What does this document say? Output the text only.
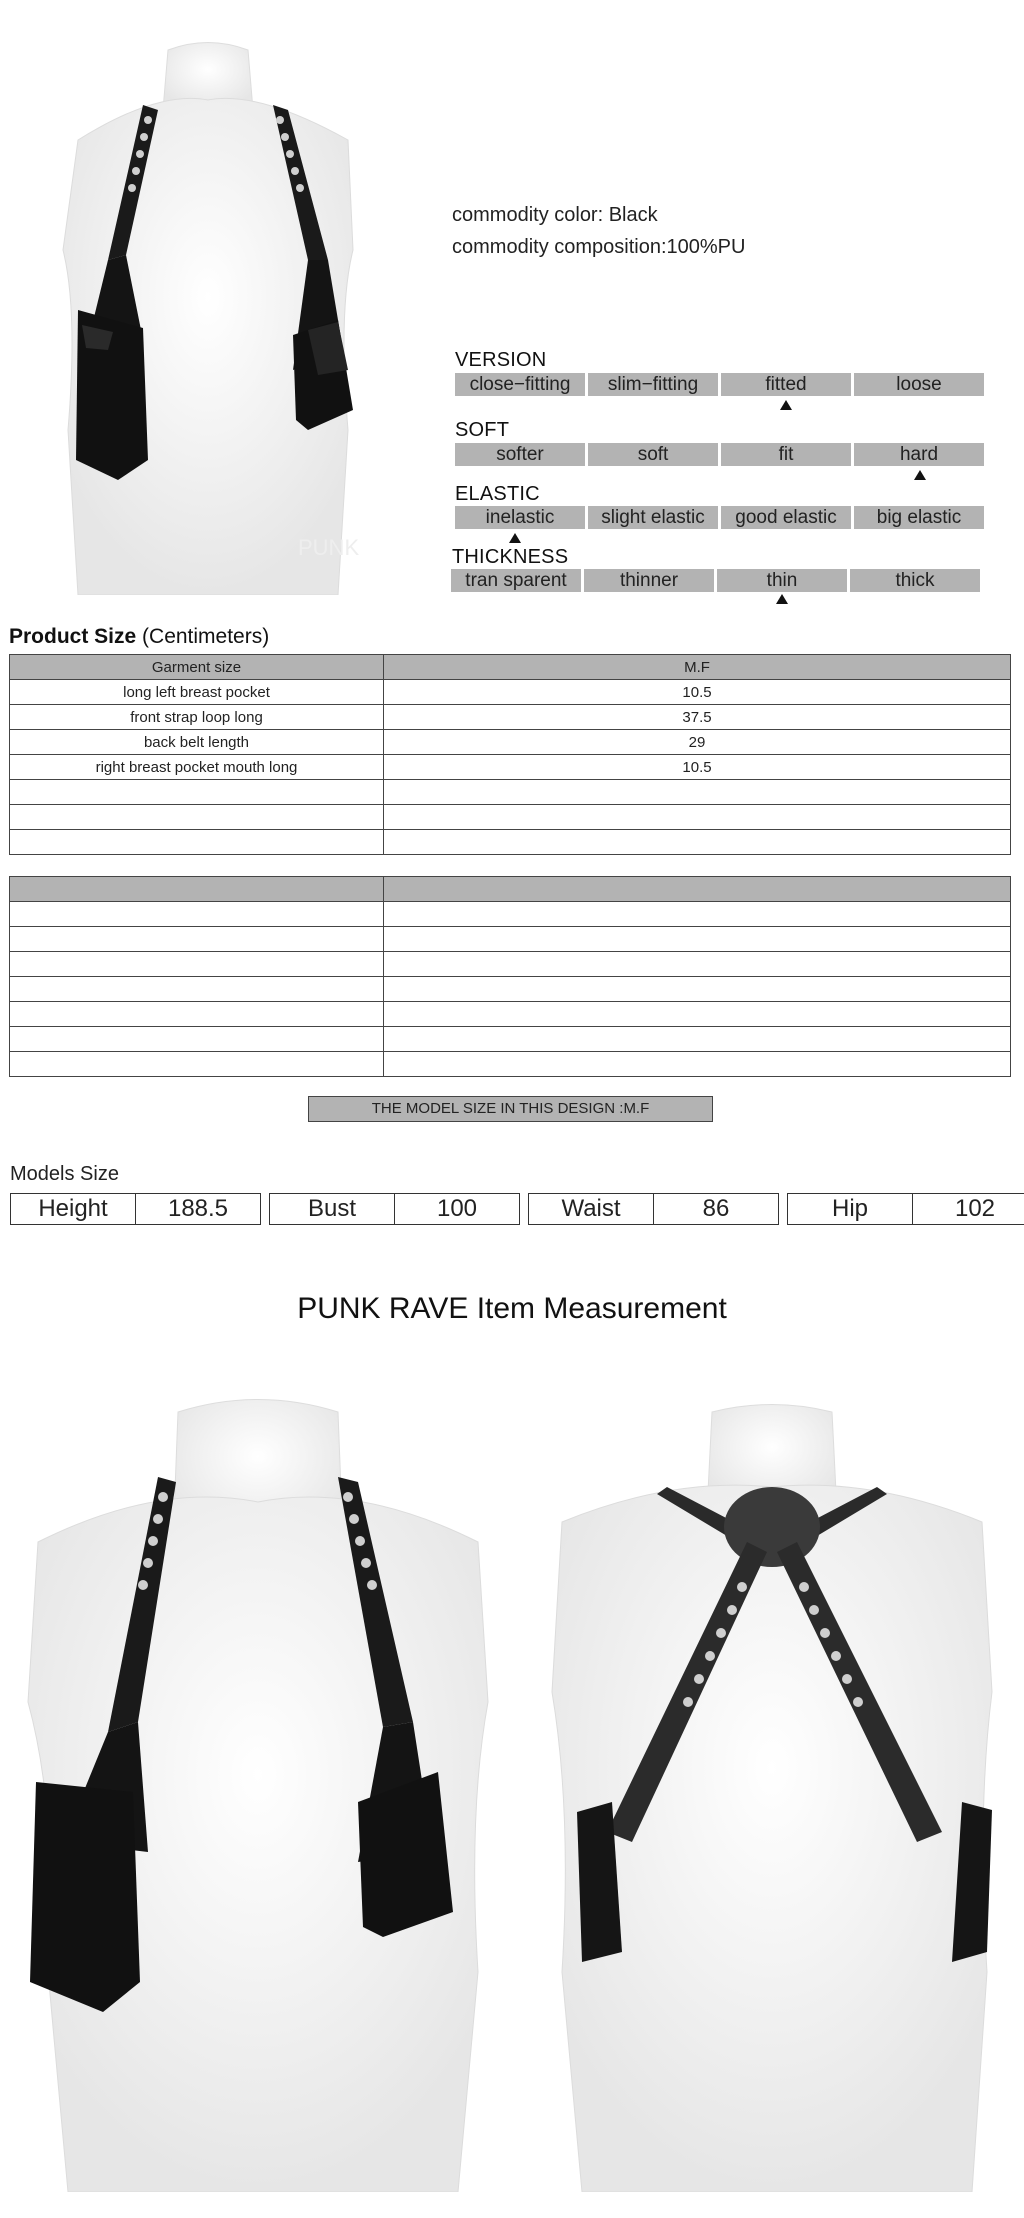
PUNK
commodity color: Black
commodity composition:100%PU
VERSION
close−fitting	slim−fitting	fitted	loose
SOFT
softer	soft	fit	hard
ELASTIC
inelastic	slight elastic	good elastic	big elastic
THICKNESS
tran sparent	thinner	thin	thick
Product Size (Centimeters)
Garment size	M.F
long left breast pocket	10.5
front strap loop long	37.5
back belt length	29
right breast pocket mouth long	10.5

THE MODEL SIZE IN THIS DESIGN :M.F
Models Size
Height	188.5	Bust	100	Waist	86	Hip	102
PUNK RAVE Item Measurement
